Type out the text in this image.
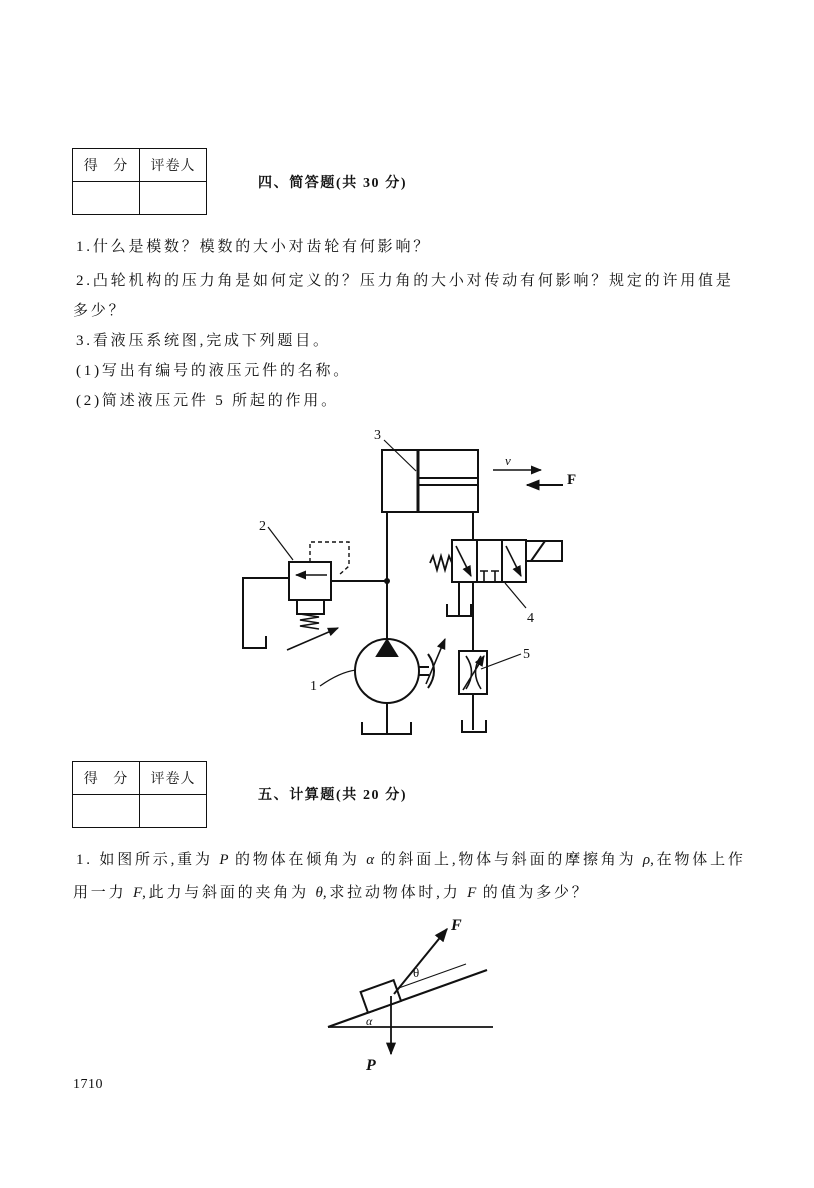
得 分	评卷人

四、简答题(共 30 分)
1.什么是模数？模数的大小对齿轮有何影响？
2.凸轮机构的压力角是如何定义的？压力角的大小对传动有何影响？规定的许用值是
多少？
3.看液压系统图,完成下列题目。
(1)写出有编号的液压元件的名称。
(2)简述液压元件 5 所起的作用。
3
v
F
2
1
4
5
得 分	评卷人

五、计算题(共 20 分)
1. 如图所示,重为 P 的物体在倾角为 α 的斜面上,物体与斜面的摩擦角为 ρ,在物体上作
用一力 F,此力与斜面的夹角为 θ,求拉动物体时,力 F 的值为多少？
F
θ
α
P
1710
